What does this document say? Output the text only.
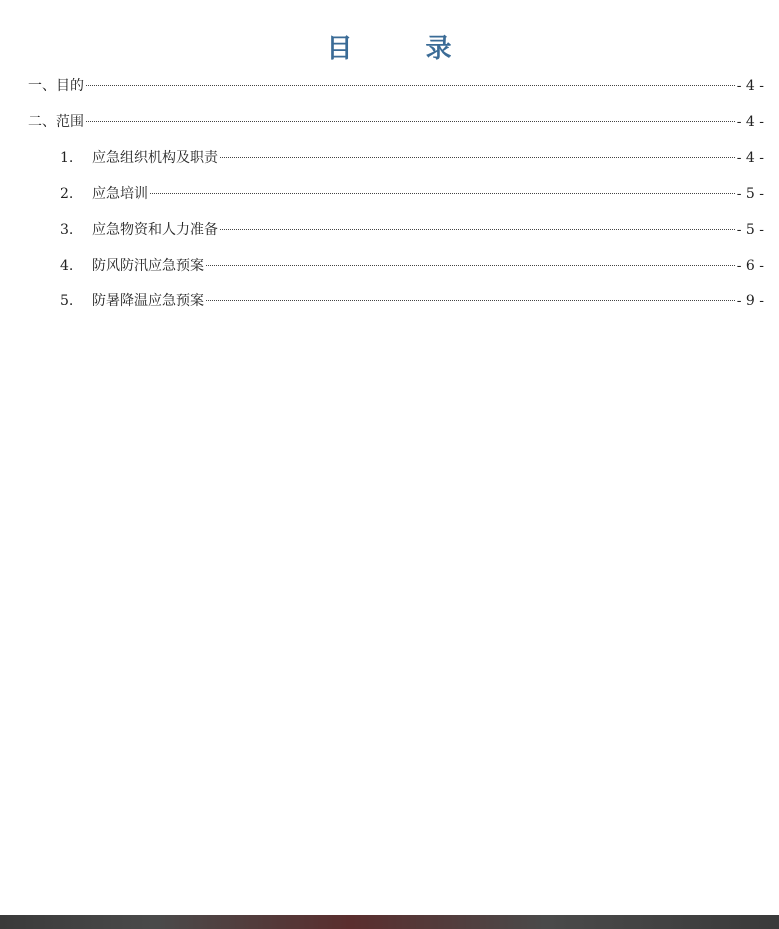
目	录
一、目的	- 4 -
二、范围	- 4 -
1.	应急组织机构及职责	- 4 -
2.	应急培训	- 5 -
3.	应急物资和人力准备	- 5 -
4.	防风防汛应急预案	- 6 -
5.	防暑降温应急预案	- 9 -
